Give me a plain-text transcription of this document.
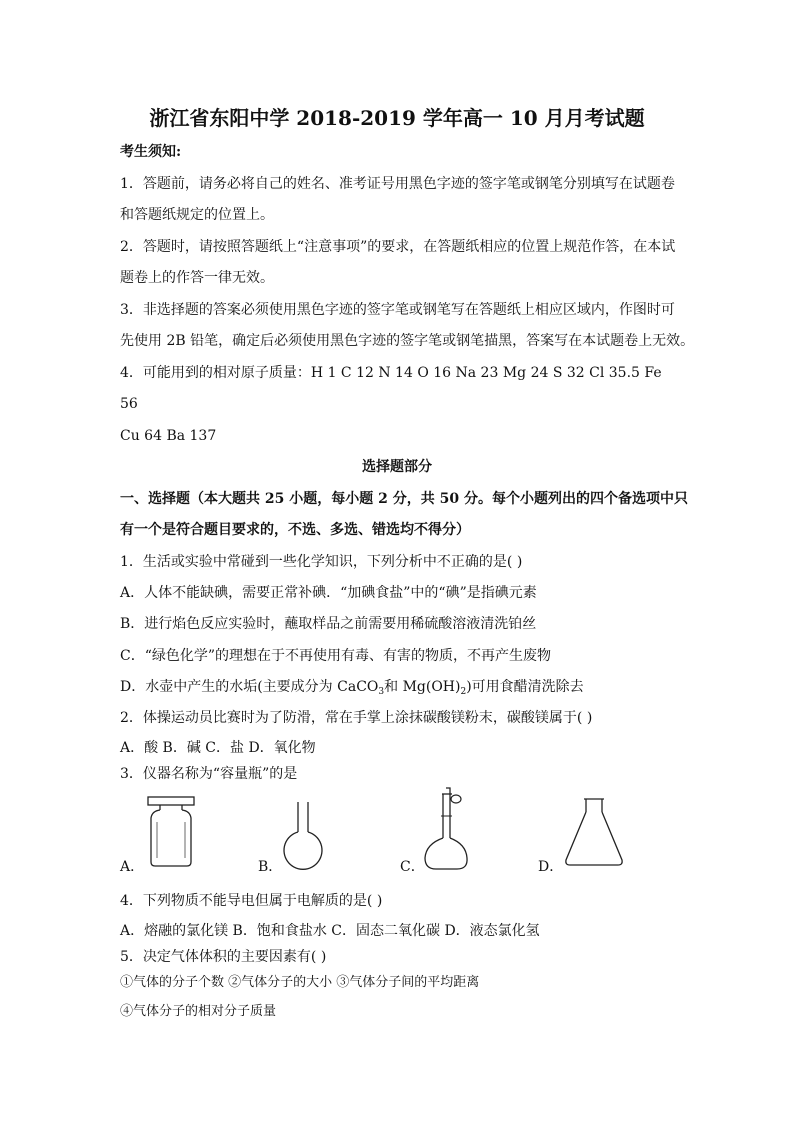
浙江省东阳中学 2018-2019 学年高一 10 月月考试题
考生须知:
1．答题前，请务必将自己的姓名、准考证号用黑色字迹的签字笔或钢笔分别填写在试题卷
和答题纸规定的位置上。
2．答题时，请按照答题纸上“注意事项”的要求，在答题纸相应的位置上规范作答，在本试
题卷上的作答一律无效。
3．非选择题的答案必须使用黑色字迹的签字笔或钢笔写在答题纸上相应区域内，作图时可
先使用 2B 铅笔，确定后必须使用黑色字迹的签字笔或钢笔描黑，答案写在本试题卷上无效。
4．可能用到的相对原子质量：H 1 C 12 N 14 O 16 Na 23 Mg 24 S 32 Cl 35.5 Fe
56
Cu 64 Ba 137
选择题部分
一、选择题（本大题共 25 小题，每小题 2 分，共 50 分。每个小题列出的四个备选项中只
有一个是符合题目要求的，不选、多选、错选均不得分）
1．生活或实验中常碰到一些化学知识，下列分析中不正确的是( )
A．人体不能缺碘，需要正常补碘．“加碘食盐”中的“碘”是指碘元素
B．进行焰色反应实验时，蘸取样品之前需要用稀硫酸溶液清洗铂丝
C．“绿色化学”的理想在于不再使用有毒、有害的物质，不再产生废物
D．水壶中产生的水垢(主要成分为 CaCO$_3$和 $Mg(OH)_2$)可用食醋清洗除去
2．体操运动员比赛时为了防滑，常在手掌上涂抹碳酸镁粉末，碳酸镁属于( )
A．酸 B．碱 C．盐 D．氧化物
3．仪器名称为“容量瓶”的是
A．	B．	C．	D．
4．下列物质不能导电但属于电解质的是( )
A．熔融的氯化镁 B．饱和食盐水 C．固态二氧化碳 D．液态氯化氢
5．决定气体体积的主要因素有( )
①气体的分子个数 ②气体分子的大小 ③气体分子间的平均距离
④气体分子的相对分子质量
